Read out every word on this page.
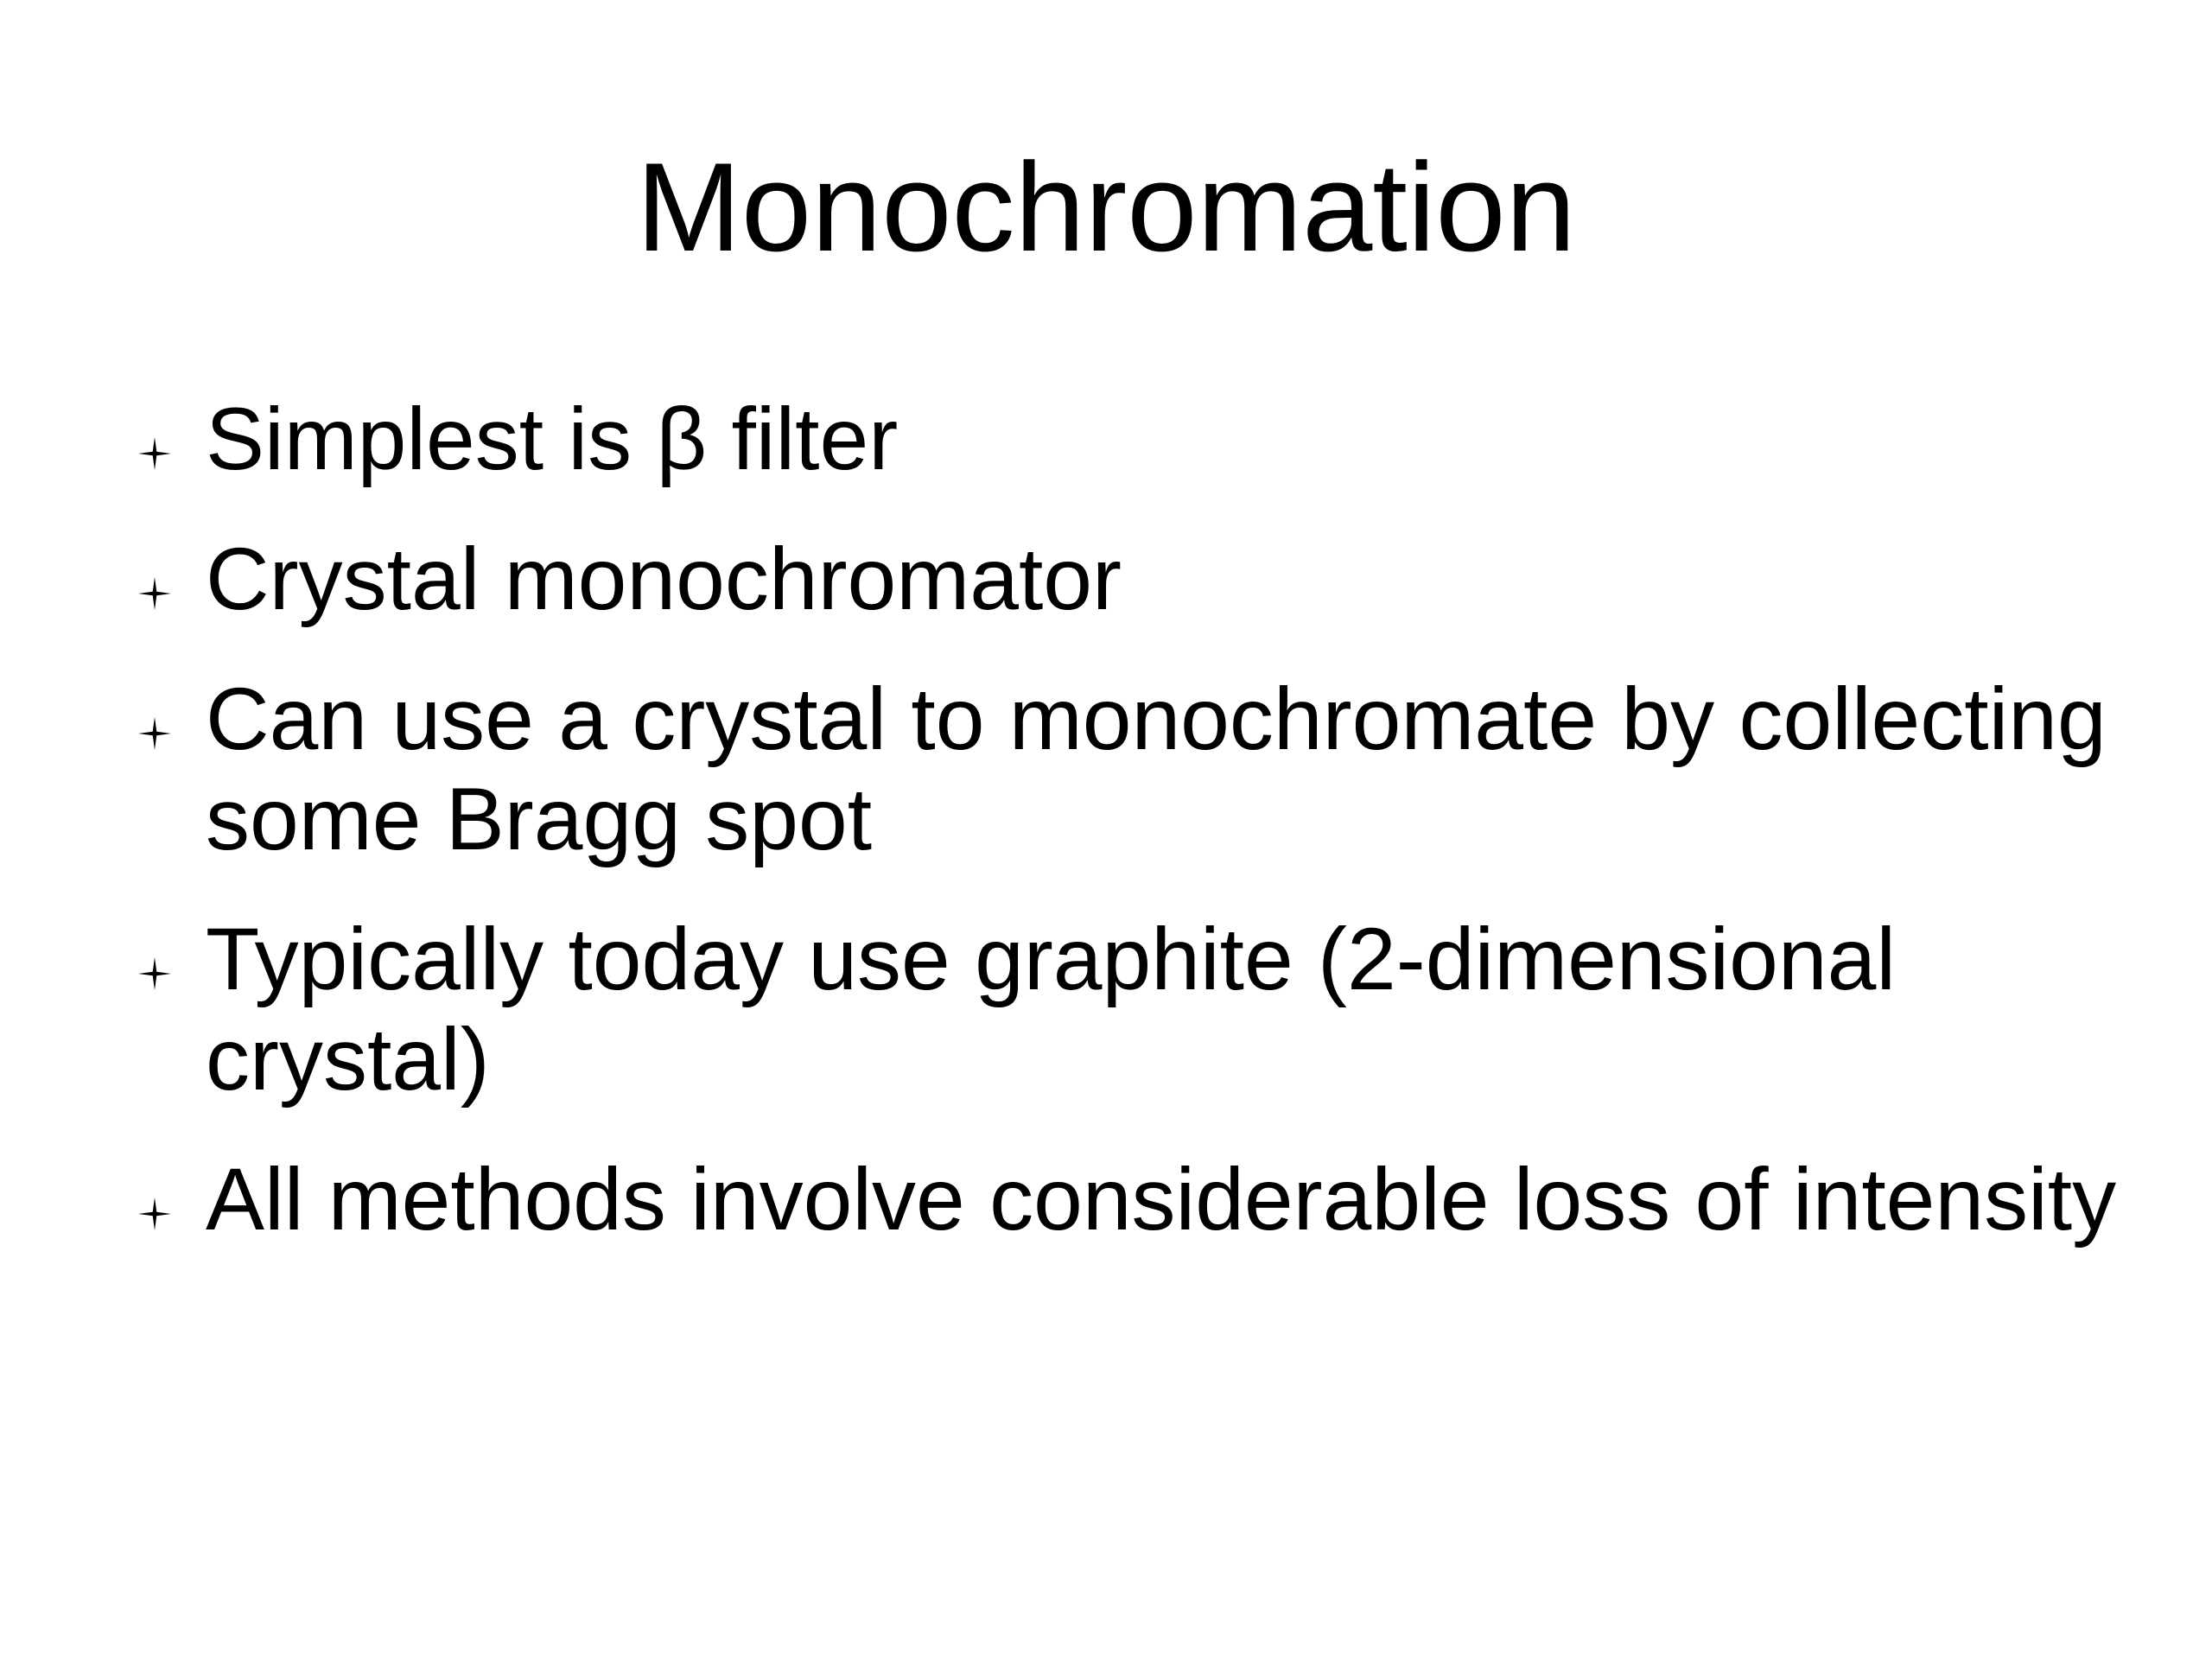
Monochromation
Simplest is β filter
Crystal monochromator
Can use a crystal to monochromate by collecting some Bragg spot
Typically today use graphite (2-dimensional crystal)
All methods involve considerable loss of intensity
